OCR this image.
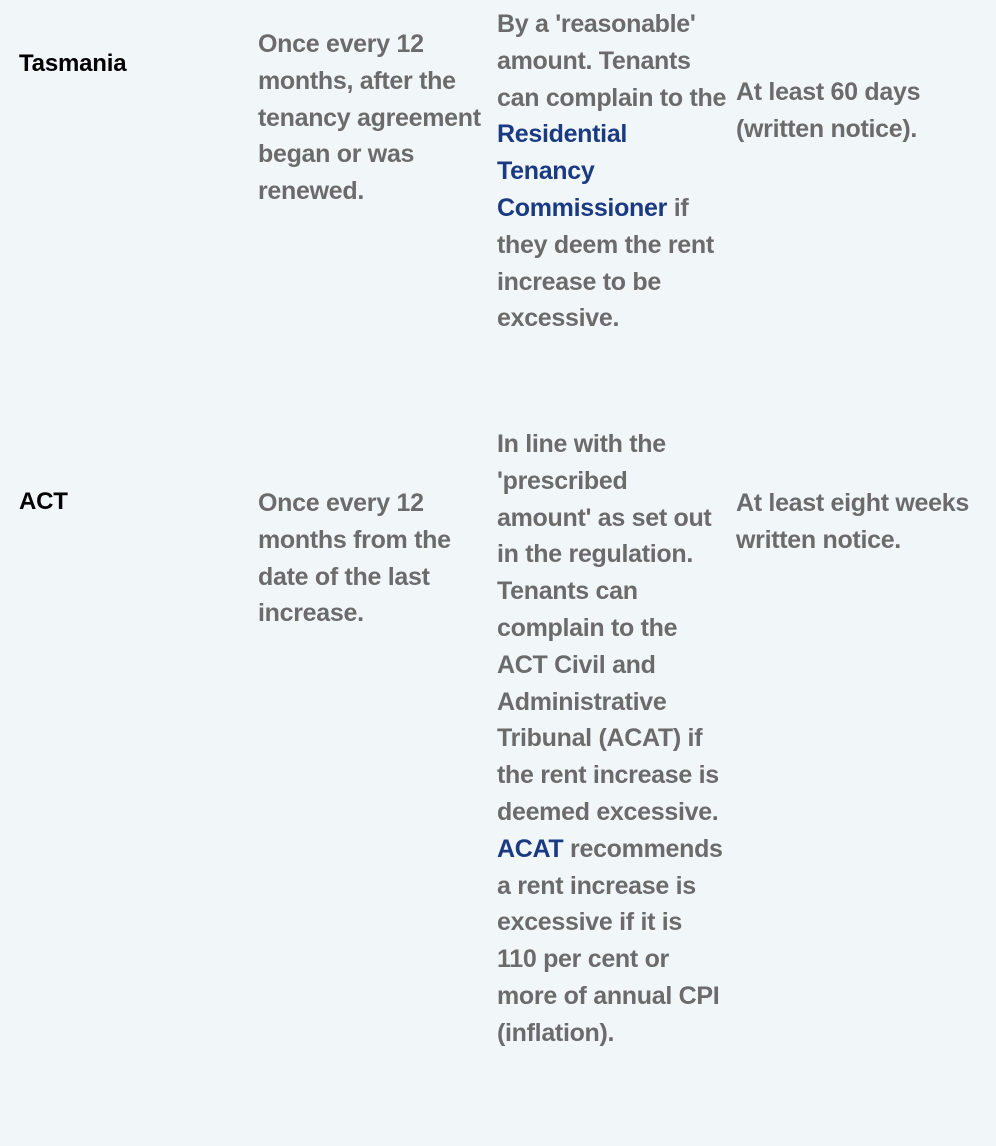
Tasmania
Once every 12 months, after the tenancy agreement began or was renewed.
By a 'reasonable' amount. Tenants can complain to the Residential Tenancy Commissioner if they deem the rent increase to be excessive.
At least 60 days (written notice).
ACT	Once every 12 months from the date of the last increase.
In line with the 'prescribed amount' as set out in the regulation. Tenants can complain to the ACT Civil and Administrative Tribunal (ACAT) if the rent increase is deemed excessive. ACAT recommends a rent increase is excessive if it is 110 per cent or more of annual CPI (inflation).
At least eight weeks written notice.
